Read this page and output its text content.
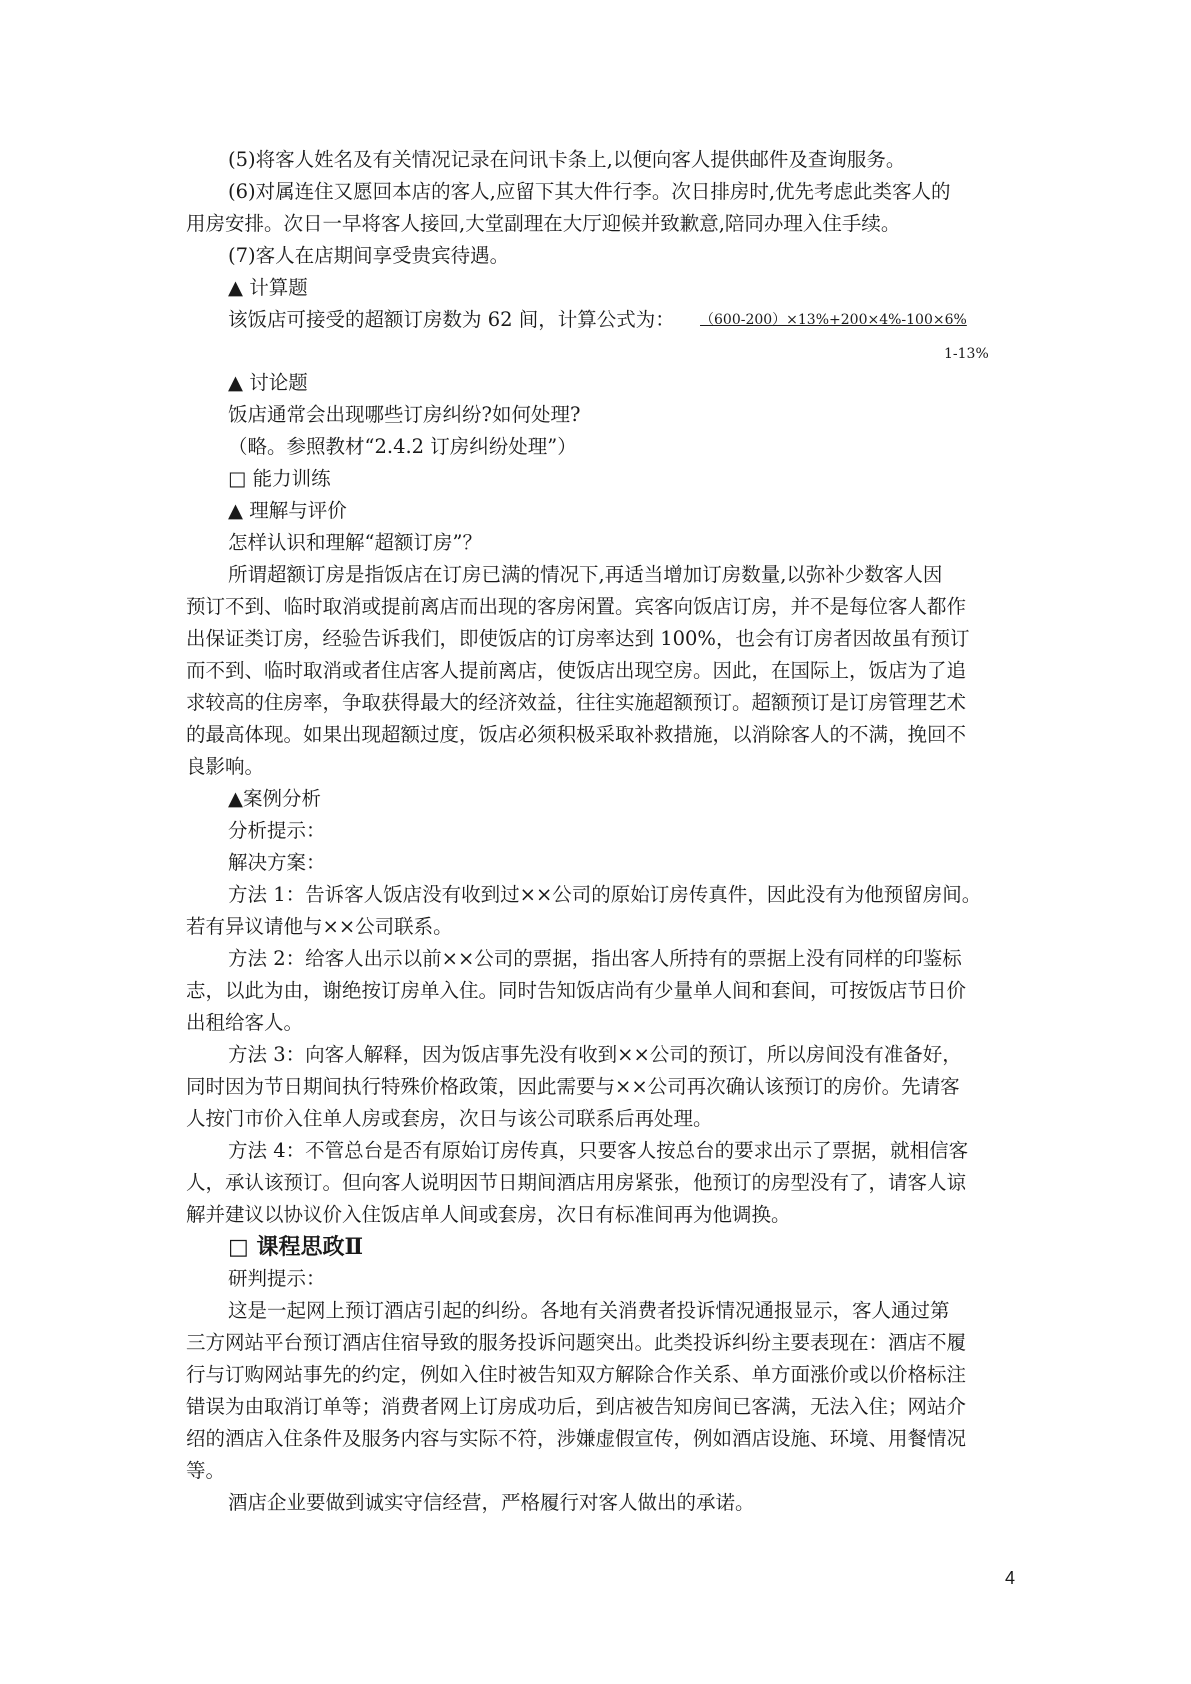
(5)将客人姓名及有关情况记录在问讯卡条上,以便向客人提供邮件及查询服务。
(6)对属连住又愿回本店的客人,应留下其大件行李。次日排房时,优先考虑此类客人的
用房安排。次日一早将客人接回,大堂副理在大厅迎候并致歉意,陪同办理入住手续。
(7)客人在店期间享受贵宾待遇。
▲ 计算题
该饭店可接受的超额订房数为 62 间，计算公式为：
▲ 讨论题
饭店通常会出现哪些订房纠纷?如何处理?
（略。参照教材“2.4.2 订房纠纷处理”）
□ 能力训练
▲ 理解与评价
怎样认识和理解“超额订房”？
所谓超额订房是指饭店在订房已满的情况下,再适当增加订房数量,以弥补少数客人因
预订不到、临时取消或提前离店而出现的客房闲置。宾客向饭店订房，并不是每位客人都作
出保证类订房，经验告诉我们，即使饭店的订房率达到 100%，也会有订房者因故虽有预订
而不到、临时取消或者住店客人提前离店，使饭店出现空房。因此，在国际上，饭店为了追
求较高的住房率，争取获得最大的经济效益，往往实施超额预订。超额预订是订房管理艺术
的最高体现。如果出现超额过度，饭店必须积极采取补救措施，以消除客人的不满，挽回不
良影响。
▲案例分析
分析提示：
解决方案：
方法 1：告诉客人饭店没有收到过××公司的原始订房传真件，因此没有为他预留房间。
若有异议请他与××公司联系。
方法 2：给客人出示以前××公司的票据，指出客人所持有的票据上没有同样的印鉴标
志，以此为由，谢绝按订房单入住。同时告知饭店尚有少量单人间和套间，可按饭店节日价
出租给客人。
方法 3：向客人解释，因为饭店事先没有收到××公司的预订，所以房间没有准备好，
同时因为节日期间执行特殊价格政策，因此需要与××公司再次确认该预订的房价。先请客
人按门市价入住单人房或套房，次日与该公司联系后再处理。
方法 4：不管总台是否有原始订房传真，只要客人按总台的要求出示了票据，就相信客
人，承认该预订。但向客人说明因节日期间酒店用房紧张，他预订的房型没有了，请客人谅
解并建议以协议价入住饭店单人间或套房，次日有标准间再为他调换。
□ 课程思政Ⅱ
研判提示：
这是一起网上预订酒店引起的纠纷。各地有关消费者投诉情况通报显示，客人通过第
三方网站平台预订酒店住宿导致的服务投诉问题突出。此类投诉纠纷主要表现在：酒店不履
行与订购网站事先的约定，例如入住时被告知双方解除合作关系、单方面涨价或以价格标注
错误为由取消订单等；消费者网上订房成功后，到店被告知房间已客满，无法入住；网站介
绍的酒店入住条件及服务内容与实际不符，涉嫌虚假宣传，例如酒店设施、环境、用餐情况
等。
酒店企业要做到诚实守信经营，严格履行对客人做出的承诺。
（600-200）×13%+200×4%-100×6%
1-13%
4
